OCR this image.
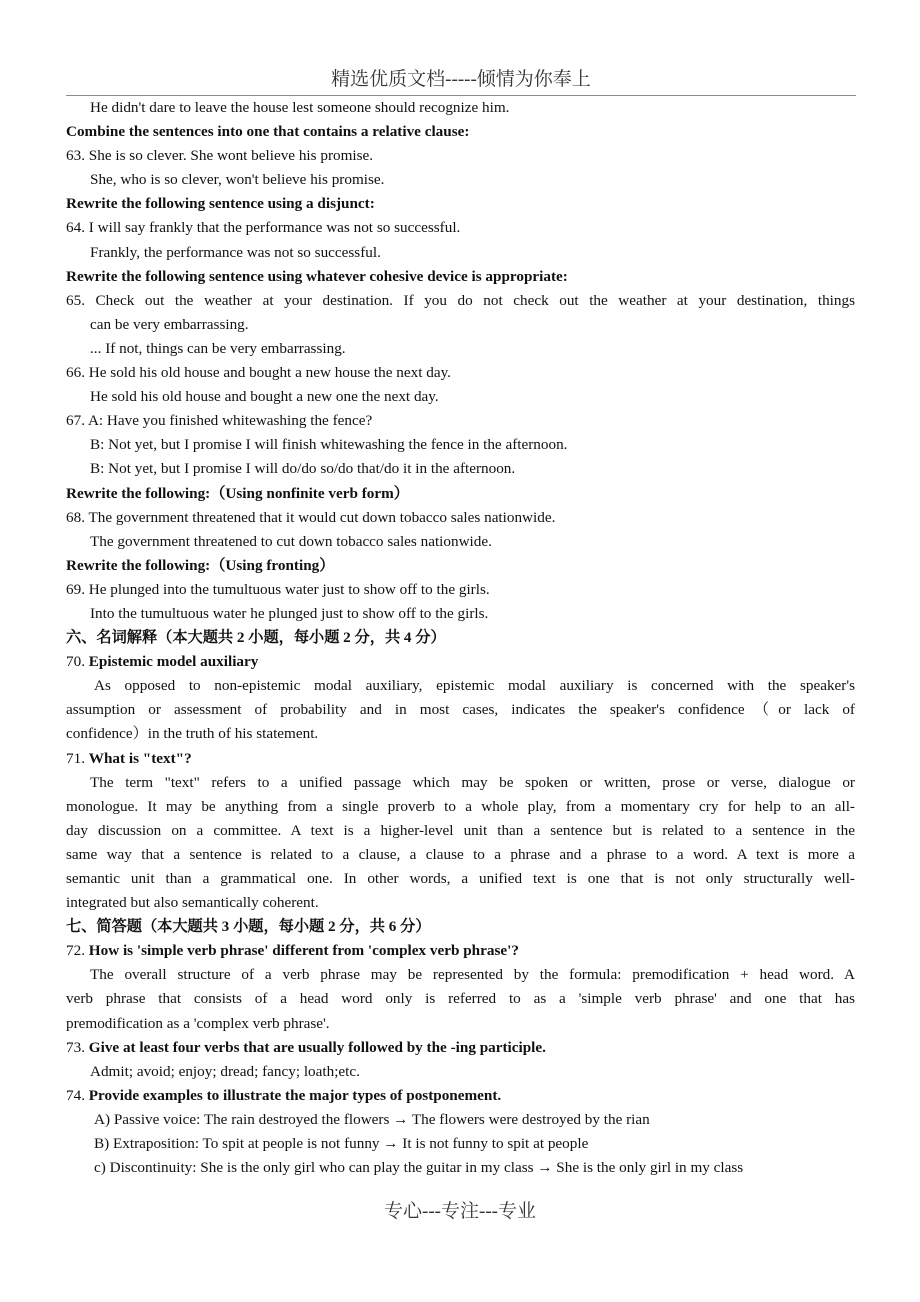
精选优质文档-----倾情为你奉上
He didn't dare to leave the house lest someone should recognize him.
Combine the sentences into one that contains a relative clause:
63. She is so clever. She wont believe his promise.
She, who is so clever, won't believe his promise.
Rewrite the following sentence using a disjunct:
64. I will say frankly that the performance was not so successful.
Frankly, the performance was not so successful.
Rewrite the following sentence using whatever cohesive device is appropriate:
65. Check out the weather at your destination. If you do not check out the weather at your destination, things
can be very embarrassing.
... If not, things can be very embarrassing.
66. He sold his old house and bought a new house the next day.
He sold his old house and bought a new one the next day.
67. A: Have you finished whitewashing the fence?
B: Not yet, but I promise I will finish whitewashing the fence in the afternoon.
B: Not yet, but I promise I will do/do so/do that/do it in the afternoon.
Rewrite the following:（Using nonfinite verb form）
68. The government threatened that it would cut down tobacco sales nationwide.
The government threatened to cut down tobacco sales nationwide.
Rewrite the following:（Using fronting）
69. He plunged into the tumultuous water just to show off to the girls.
Into the tumultuous water he plunged just to show off to the girls.
六、名词解释（本大题共 2 小题，每小题 2 分，共 4 分）
70. Epistemic model auxiliary
As opposed to non-epistemic modal auxiliary, epistemic modal auxiliary is concerned with the speaker's
assumption or assessment of probability and in most cases, indicates the speaker's confidence（or lack of
confidence）in the truth of his statement.
71. What is "text"?
The term "text" refers to a unified passage which may be spoken or written, prose or verse, dialogue or
monologue. It may be anything from a single proverb to a whole play, from a momentary cry for help to an all-
day discussion on a committee. A text is a higher-level unit than a sentence but is related to a sentence in the
same way that a sentence is related to a clause, a clause to a phrase and a phrase to a word. A text is more a
semantic unit than a grammatical one. In other words, a unified text is one that is not only structurally well-
integrated but also semantically coherent.
七、简答题（本大题共 3 小题，每小题 2 分，共 6 分）
72. How is 'simple verb phrase' different from 'complex verb phrase'?
The overall structure of a verb phrase may be represented by the formula: premodification + head word. A
verb phrase that consists of a head word only is referred to as a 'simple verb phrase' and one that has
premodification as a 'complex verb phrase'.
73. Give at least four verbs that are usually followed by the -ing participle.
Admit; avoid; enjoy; dread; fancy; loath;etc.
74. Provide examples to illustrate the major types of postponement.
A) Passive voice: The rain destroyed the flowers → The flowers were destroyed by the rian
B) Extraposition: To spit at people is not funny → It is not funny to spit at people
c) Discontinuity: She is the only girl who can play the guitar in my class → She is the only girl in my class
专心---专注---专业
